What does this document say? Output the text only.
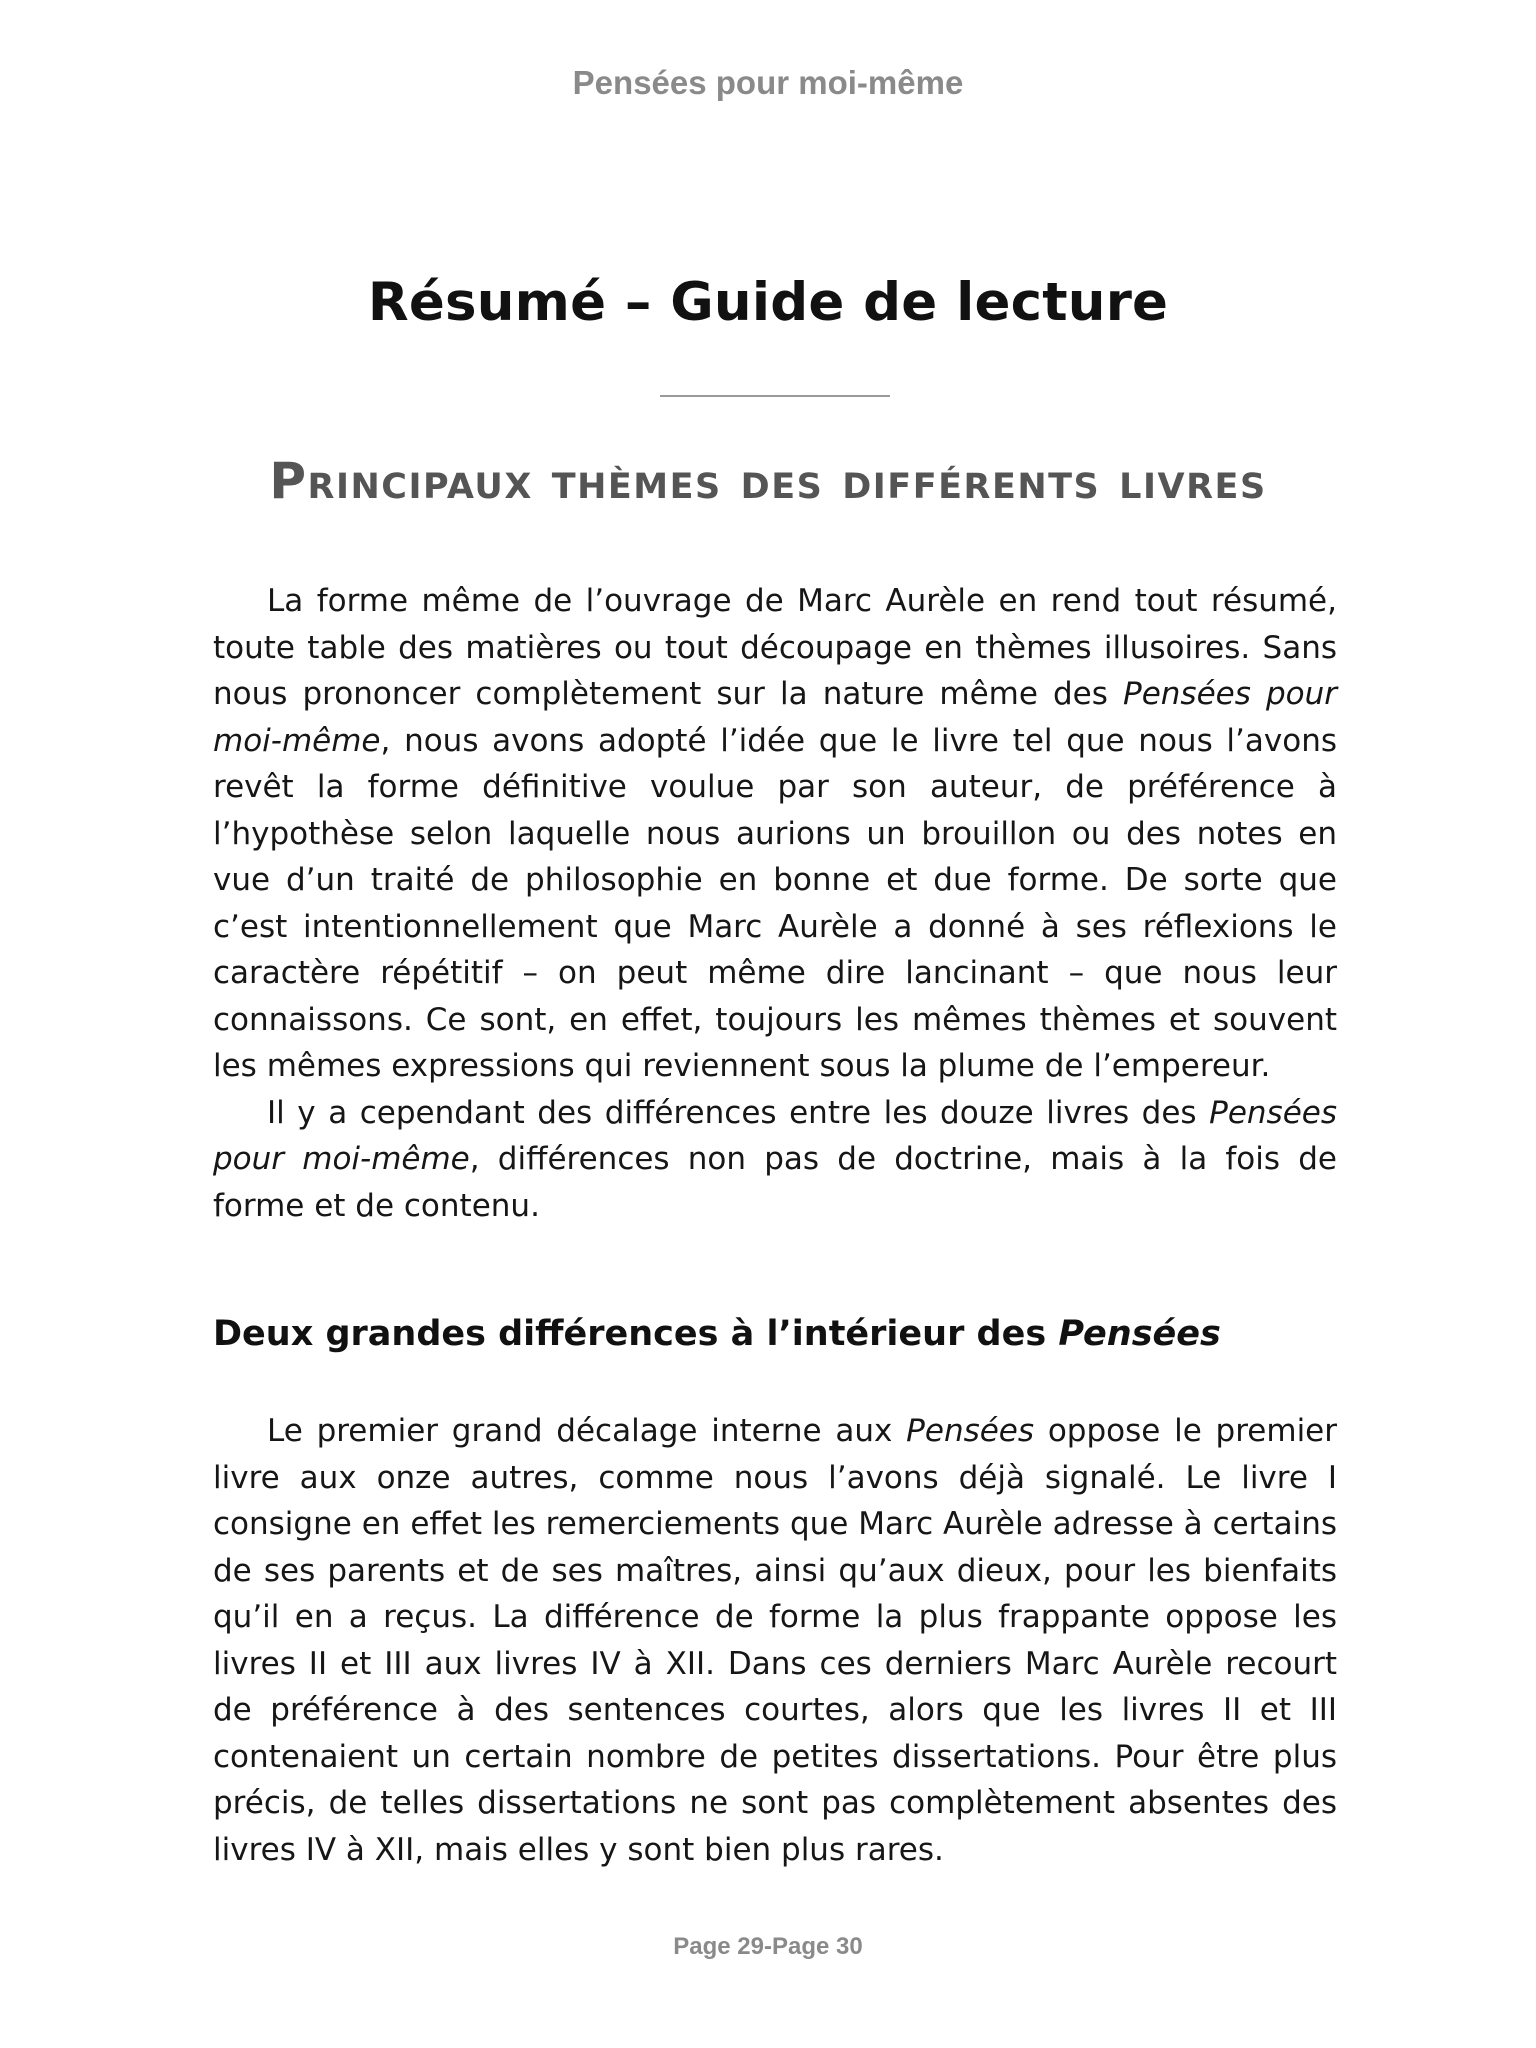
Pensées pour moi-même
Résumé – Guide de lecture
Principaux thèmes des différents livres

La forme même de l’ouvrage de Marc Aurèle en rend tout résumé, toute table des matières ou tout découpage en thèmes illusoires. Sans nous prononcer complètement sur la nature même des Pensées pour moi-même, nous avons adopté l’idée que le livre tel que nous l’avons revêt la forme définitive voulue par son auteur, de préférence à l’hypothèse selon laquelle nous aurions un brouillon ou des notes en vue d’un traité de philosophie en bonne et due forme. De sorte que c’est intentionnellement que Marc Aurèle a donné à ses réflexions le caractère répétitif – on peut même dire lancinant – que nous leur connaissons. Ce sont, en effet, toujours les mêmes thèmes et souvent les mêmes expressions qui reviennent sous la plume de l’empereur.

Il y a cependant des différences entre les douze livres des Pensées pour moi-même, différences non pas de doctrine, mais à la fois de forme et de contenu.

Deux grandes différences à l’intérieur des Pensées

Le premier grand décalage interne aux Pensées oppose le premier livre aux onze autres, comme nous l’avons déjà signalé. Le livre I consigne en effet les remerciements que Marc Aurèle adresse à certains de ses parents et de ses maîtres, ainsi qu’aux dieux, pour les bienfaits qu’il en a reçus. La différence de forme la plus frappante oppose les livres II et III aux livres IV à XII. Dans ces derniers Marc Aurèle recourt de préférence à des sentences courtes, alors que les livres II et III contenaient un certain nombre de petites dissertations. Pour être plus précis, de telles dissertations ne sont pas complètement absentes des livres IV à XII, mais elles y sont bien plus rares.

Page 29-Page 30
